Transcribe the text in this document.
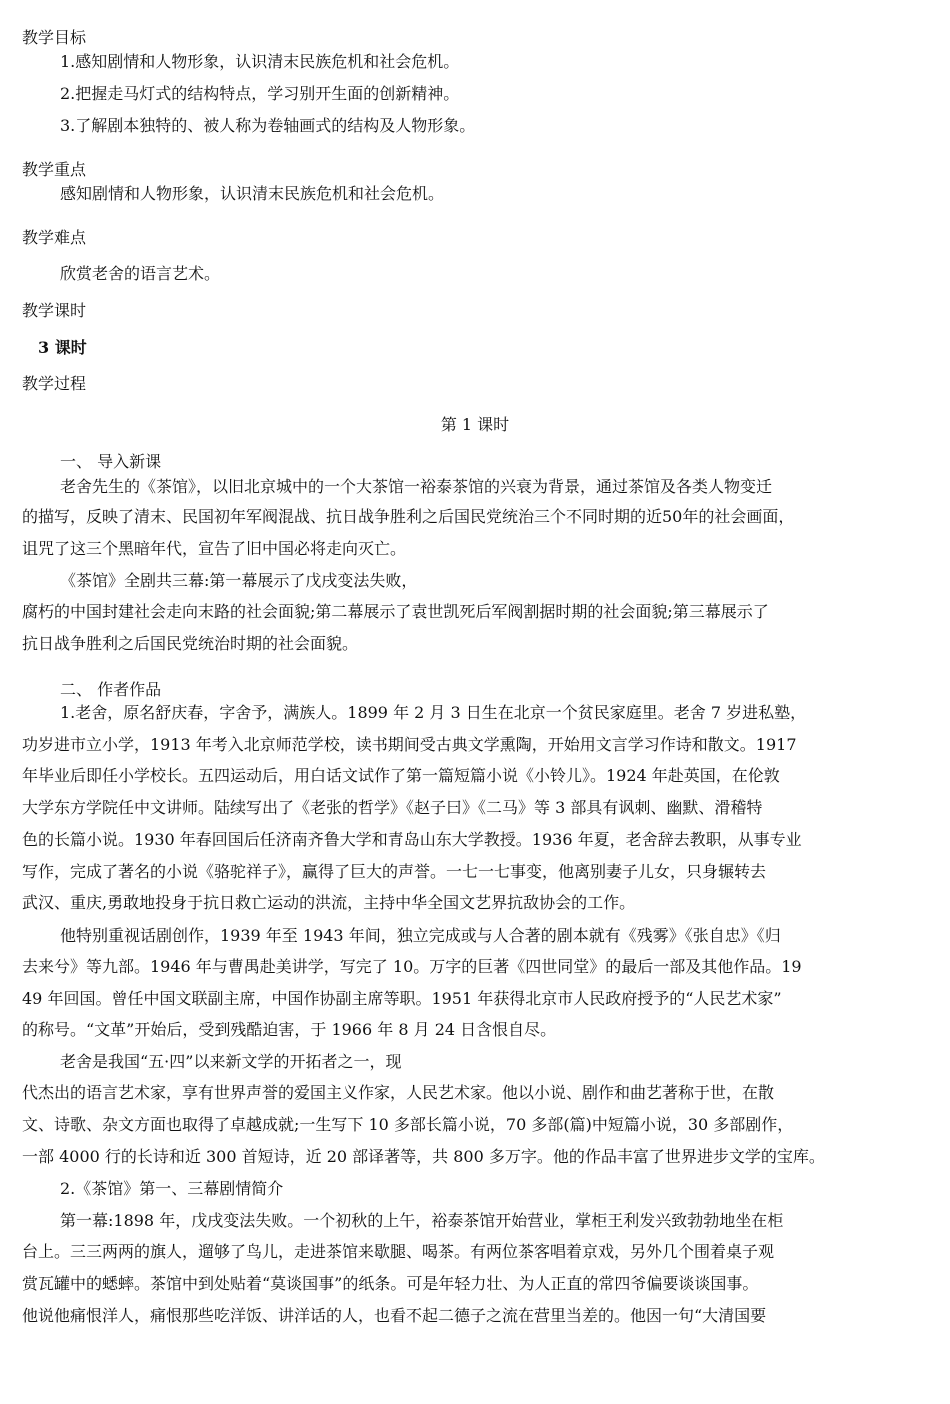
教学目标
1.感知剧情和人物形象，认识清末民族危机和社会危机。
2.把握走马灯式的结构特点，学习别开生面的创新精神。
3.了解剧本独特的、被人称为卷轴画式的结构及人物形象。
教学重点
感知剧情和人物形象，认识清末民族危机和社会危机。
教学难点
欣赏老舍的语言艺术。
教学课时
3 课时
教学过程
第 1 课时
一、 导入新课
老舍先生的《茶馆》，以旧北京城中的一个大茶馆一裕泰茶馆的兴衰为背景，通过茶馆及各类人物变迁
的描写，反映了清末、民国初年军阀混战、抗日战争胜利之后国民党统治三个不同时期的近50年的社会画面，
诅咒了这三个黑暗年代，宣告了旧中国必将走向灭亡。
《茶馆》全剧共三幕:第一幕展示了戊戌变法失败，
腐朽的中国封建社会走向末路的社会面貌;第二幕展示了袁世凯死后军阀割据时期的社会面貌;第三幕展示了
抗日战争胜利之后国民党统治时期的社会面貌。
二、 作者作品
1.老舍，原名舒庆春，字舍予，满族人。1899 年 2 月 3 日生在北京一个贫民家庭里。老舍 7 岁进私塾，
功岁进市立小学，1913 年考入北京师范学校，读书期间受古典文学熏陶，开始用文言学习作诗和散文。1917
年毕业后即任小学校长。五四运动后，用白话文试作了第一篇短篇小说《小铃儿》。1924 年赴英国，在伦敦
大学东方学院任中文讲师。陆续写出了《老张的哲学》《赵子曰》《二马》等 3 部具有讽刺、幽默、滑稽特
色的长篇小说。1930 年春回国后任济南齐鲁大学和青岛山东大学教授。1936 年夏，老舍辞去教职，从事专业
写作，完成了著名的小说《骆驼祥子》，赢得了巨大的声誉。一七一七事变，他离别妻子儿女，只身辗转去
武汉、重庆,勇敢地投身于抗日救亡运动的洪流，主持中华全国文艺界抗敌协会的工作。
他特别重视话剧创作，1939 年至 1943 年间，独立完成或与人合著的剧本就有《残雾》《张自忠》《归
去来兮》等九部。1946 年与曹禺赴美讲学，写完了 10。万字的巨著《四世同堂》的最后一部及其他作品。19
49 年回国。曾任中国文联副主席，中国作协副主席等职。1951 年获得北京市人民政府授予的“人民艺术家”
的称号。“文革”开始后，受到残酷迫害，于 1966 年 8 月 24 日含恨自尽。
老舍是我国“五·四”以来新文学的开拓者之一，现
代杰出的语言艺术家，享有世界声誉的爱国主义作家，人民艺术家。他以小说、剧作和曲艺著称于世，在散
文、诗歌、杂文方面也取得了卓越成就;一生写下 10 多部长篇小说，70 多部(篇)中短篇小说，30 多部剧作，
一部 4000 行的长诗和近 300 首短诗，近 20 部译著等，共 800 多万字。他的作品丰富了世界进步文学的宝库。
2.《茶馆》第一、三幕剧情简介
第一幕:1898 年，戊戌变法失败。一个初秋的上午，裕泰茶馆开始营业，掌柜王利发兴致勃勃地坐在柜
台上。三三两两的旗人，遛够了鸟儿，走进茶馆来歇腿、喝茶。有两位茶客唱着京戏，另外几个围着桌子观
赏瓦罐中的蟋蟀。茶馆中到处贴着“莫谈国事”的纸条。可是年轻力壮、为人正直的常四爷偏要谈谈国事。
他说他痛恨洋人，痛恨那些吃洋饭、讲洋话的人，也看不起二德子之流在营里当差的。他因一句“大清国要
